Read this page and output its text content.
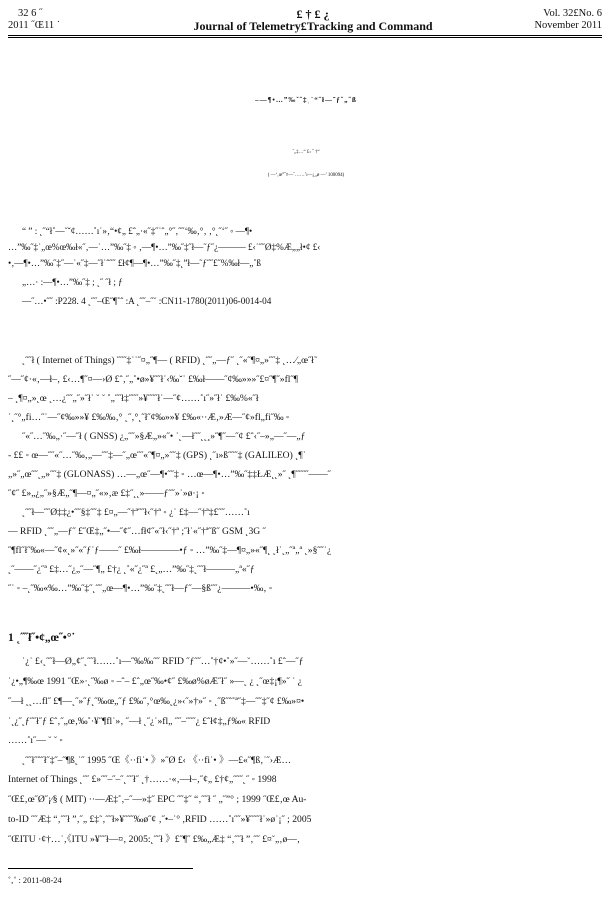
32 6 ˝
2011 ˝Œ11 ˙
£ † £ ¿
Journal of Telemetry£Tracking and Command
Vol. 32£No. 6
November 2011
–—¶•…”‰ˇ˝‡ˌ`“˝ł—˜ƒˆ„˝ß
˜„‡…“ £‹ ˝ †“
( —‘‚œ°˝¤—˜……˚ı—¿„ø —’ 100094)
“ ” : ˛˝“ł˚—˘ˇ¢……˚ı˙»‚“•¢„ £ˆ„·«˝‡˝˙ˆ„°˝‚˝˝‘‰‚°‚ ‚°˛˝‘˝ ◦ —¶•
…”‰˝‡˙„œ%œ‰ł«˝‚—˙…”‰˝‡ ◦ ‚—¶•…”‰˝‡˝ł—˜ƒ˝¿——— £‹˙˝˝Ø‡%Æ„„ł•¢ £‹
•‚—¶•…”‰˝‡˝—˙«˝‡—˝ł˙ˆ˝˝ £ł¢¶—¶•…”‰˝‡˛”ł—˜ƒ˝˝£˝%‰ł—„˚ß
„…· :—¶•…”‰˝‡ ; ˛˝ ˝ł ; ƒ
—˝…•˝˝ :P228. 4 ˛˝˝–Œ˝¶˚ˆ :A ˛˝˝–˝˘ :CN11-1780(2011)06-0014-04
˛˝˝ł ( Internet of Things) ˝˝˝‡˙˙˝¤„˝¶— ( RFID) ˛˝˝„—ƒ˝ ˛˝«˝¶¤„»˝˝‡ ˛…⁄„œ˝ł˜
˝—˝¢·«‚—ł–‚ £‹…¶˝¤—›Ø £ˆ‚˝„˚•ø»¥˝˝ł˙‹‰ˇ˙ £‰ł——˝¢‰»»»˝£¤˝¶˝»fl˝¶
– ˛¶¤„»˛œ ˛…¿˝˝„˝»˝ł˙ ˘ ˘ ˚„˝˝ł‡˝˝˝»¥˝˝˝ł˙—˝¢……˚ı˝»˝ł˙ £‰%«˝ł
˙˛˝°„fi…˝˙—˝¢‰»»¥ £‰‰‚° ˛˝‚°˛˝ł˝¢‰»»¥ £‰«··Æ‚»Æ—˝¢»fl„fi˝‰ ◦
˝«˝…˝‰„·˝—˝ł ( GNSS) ¿„˝˝»§Æ„»«˝• ˙˛—ł˝˝˛˛¸»˝¶˝—˝¢ £ˆ‹˝–»„—˝—„ƒ
- ££ ◦ œ—˝˝«˝…˝‰‚„—˝˝‡—˝„œ˝˝«˝¶¤„»˝˝‡ (GPS) ˛˝ı»ß˝˝˝‡ (GALILEO) ˛¶˙
„»˝„œ˝˝˛„»˝˝‡ (GLONASS) …—„œ˝—¶•˝˝‡ ◦ …œ—¶•…”‰˝‡‡ŁÆ˛˛»˝ ˛¶˝˝˝˝——˝
˝¢˝ £»„¿„˝»§Æ„˝¶—¤„˝«»‚æ £‡˝˛˛»——ƒ˝˝»˙»ø·¡ ◦
˛˝˝ł—˝˝Ø‡‡¿•˝˝§‡˝˝‡ £¤„—˝†ª˝˝ł‹˝†ª ◦ ¿˙ £‡—˝†ª‡£˝˝……˚ı
— RFID ˛˝˝„—ƒ˝ £˝Œ‡„˝•—˝¢˝…fł¢˝«˝ł‹˝†ª ;˝ł˙«˝†ª˝ß˝ GSM ˛3G ˝
˝¶fl˝ł˝‰«—˝¢«˛»˝«˝ƒ˙ƒ——˝ £‰ł————•ƒ ◦ …”‰˝‡—¶¤„»«˝¶˛ ˛ł˙˛„˝ª„ª ˛»§˝˝˙¿
˛˝——˝¿˝ª £‡…˝¿„˝—˝¶„ £†¿ ˛˚«˝¿˝ª £˛„…”‰˝‡˛˝˝ł———„ª«˝ƒ
˝˙ ◦ –˛˝‰«‰…”‰˝‡˝˛˝˝„œ—¶•…”‰˝‡˛˝˝ł—ƒ˝—§ß˝˝¿———•‰‚ ◦
1 ˛˝˝ł˝•¢„œ˝•°˙
˙¿˙ £‹˛˝˝ł—Ø„¢˝˛˝˝ł……˚ı—˝‰‰˝˝ RFID ˝ƒ˝˝…˚†¢•˚»˝—˘……˚ı £ˆ—˝ƒ
˙¿•„¶‰œ 1991 ˝Œ»·˛˝‰ø ◦ –ˆ– £ˆ„œ˝‰•¢˝ £‰ø%øÆ˝ł˝ »—˛ ¿ ˛˝œ‡¡¶»˝ ˙ ¿
˝—ł ˛˛…fl˝ £¶—˛˝»˝ƒ˛˝‰œ„˝ƒ £‰˝‚°œ‰˛¿»‹˝»†»˝ ◦ ˛˝ß˝ˆ˚ª˝‡—˝˝‡˝¢ £‰»¤•
˙˛¿˝˛ƒ˝˝ł˝ƒ £ˆ‚˝„œ‚‰˚·¥˝¶fl˙»‚ ˝—ł ˛˝¿˙»fl„ ˝˝–˝˝˝¿ £ˆł¢‡„ƒ‰« RFID
……˚ı˝— ˘ ˘ ◦
˛˝˝ł˝ˆ˝ł˝‡˝–˝¶ß˛˙˝ 1995 ˝Œ《··fi˙• 》»˝Ø £‹ 《··fi˙• 》—£«˝¶ß‚˙˝›Æ…
Internet of Things ˛˝˝ £»˝˝–˝–˝˛˝˝ł˝ ˛†……·«‚—ł–‚˝¢„ £†¢„˝˝˝˛˝ ◦ 1998
˝Œ£‚œ˝Ø˝¡⁄§ ( MIT) ··—Æ‡˚‚–˝—»‡˝ EPC ˝˝‡˝ “‚˝˝ł ˝ „˝”° ; 1999 ˝Œ£‚œ Au-
to-ID ˝˝Æ‡ “‚˝˝ł ”‚˝„ £‡˜‚˝˝ł»¥˝˝˝‰ø˝¢ ‚˝•–˙° ,RFID ……˚ı˝˝»¥˝˝˝ł˙»ø˙¡˝ ; 2005
˝ŒITU ·¢†…˙‚《ITU »¥˝˝ł—¤‚ 2005:˛˝˝ł 》£˝¶˝ £‰„Æ‡ “‚˝˝ł ”‚˝˝ £¤˘„‚ø—‚
˚‚˚ : 2011-08-24
